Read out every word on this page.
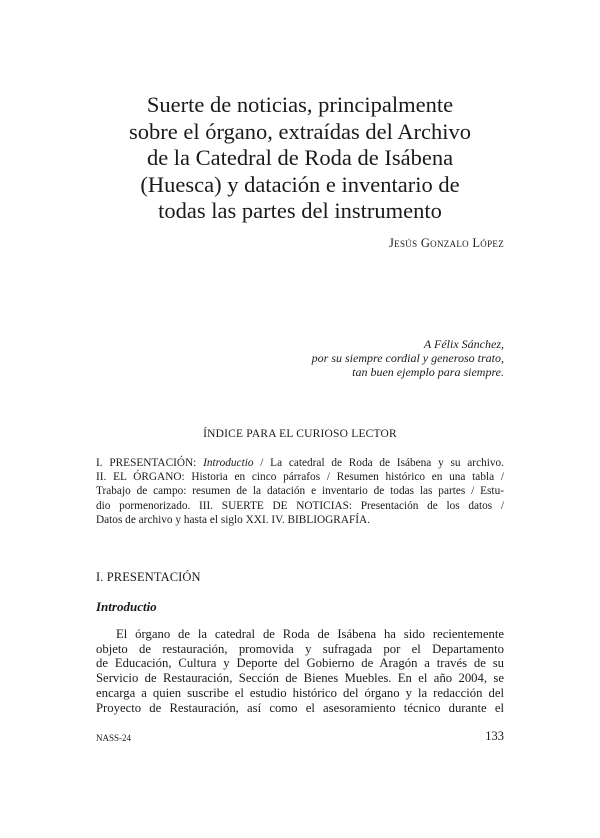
Suerte de noticias, principalmente
sobre el órgano, extraídas del Archivo
de la Catedral de Roda de Isábena
(Huesca) y datación e inventario de
todas las partes del instrumento
Jesús Gonzalo López
A Félix Sánchez,
por su siempre cordial y generoso trato,
tan buen ejemplo para siempre.
ÍNDICE PARA EL CURIOSO LECTOR
I. PRESENTACIÓN: Introductio / La catedral de Roda de Isábena y su archivo.
II. EL ÓRGANO: Historia en cinco párrafos / Resumen histórico en una tabla /
Trabajo de campo: resumen de la datación e inventario de todas las partes / Estu-
dio pormenorizado. III. SUERTE DE NOTICIAS: Presentación de los datos /
Datos de archivo y hasta el siglo XXI. IV. BIBLIOGRAFÍA.
I. PRESENTACIÓN
Introductio
El órgano de la catedral de Roda de Isábena ha sido recientemente
objeto de restauración, promovida y sufragada por el Departamento
de Educación, Cultura y Deporte del Gobierno de Aragón a través de su
Servicio de Restauración, Sección de Bienes Muebles. En el año 2004, se
encarga a quien suscribe el estudio histórico del órgano y la redacción del
Proyecto de Restauración, así como el asesoramiento técnico durante el
NASS-24	133
